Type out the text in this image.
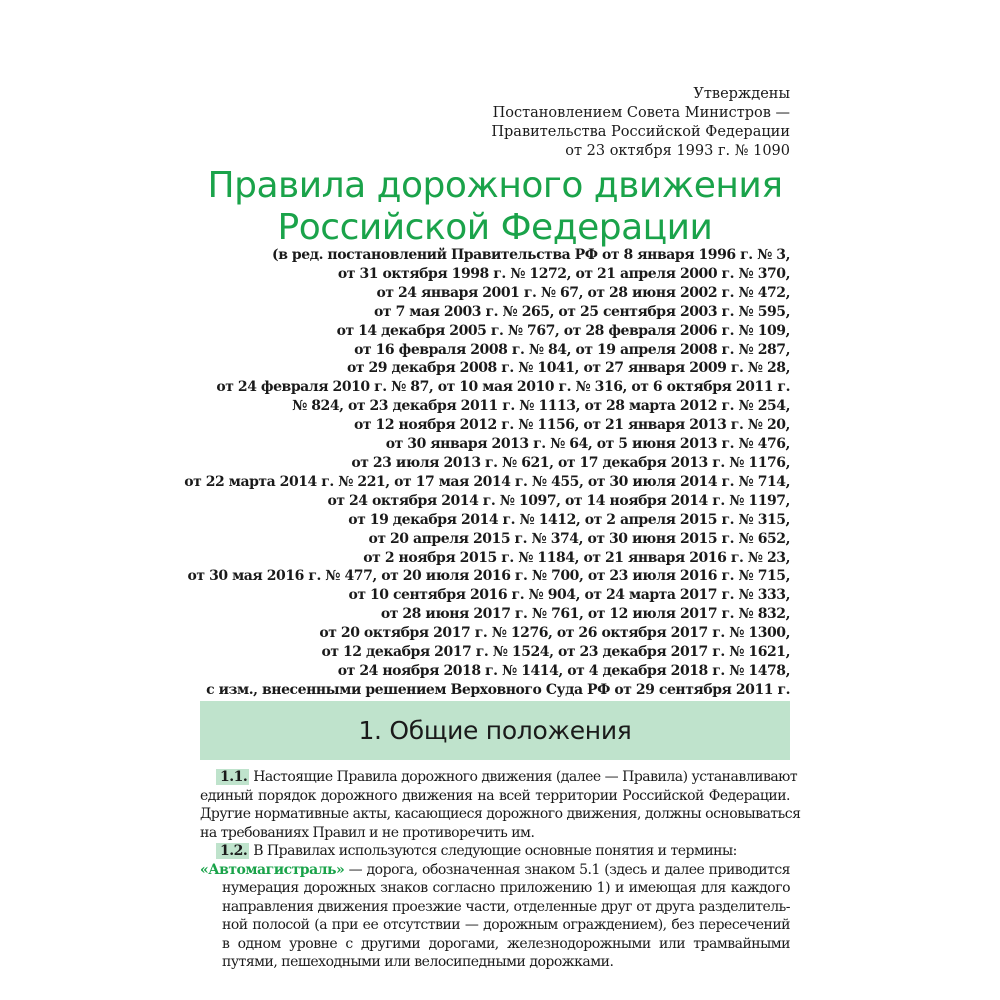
Утверждены
Постановлением Совета Министров —
Правительства Российской Федерации
от 23 октября 1993 г. № 1090
Правила дорожного движения
Российской Федерации
(в ред. постановлений Правительства РФ от 8 января 1996 г. № 3,
от 31 октября 1998 г. № 1272, от 21 апреля 2000 г. № 370,
от 24 января 2001 г. № 67, от 28 июня 2002 г. № 472,
от 7 мая 2003 г. № 265, от 25 сентября 2003 г. № 595,
от 14 декабря 2005 г. № 767, от 28 февраля 2006 г. № 109,
от 16 февраля 2008 г. № 84, от 19 апреля 2008 г. № 287,
от 29 декабря 2008 г. № 1041, от 27 января 2009 г. № 28,
от 24 февраля 2010 г. № 87, от 10 мая 2010 г. № 316, от 6 октября 2011 г.
№ 824, от 23 декабря 2011 г. № 1113, от 28 марта 2012 г. № 254,
от 12 ноября 2012 г. № 1156, от 21 января 2013 г. № 20,
от 30 января 2013 г. № 64, от 5 июня 2013 г. № 476,
от 23 июля 2013 г. № 621, от 17 декабря 2013 г. № 1176,
от 22 марта 2014 г. № 221, от 17 мая 2014 г. № 455, от 30 июля 2014 г. № 714,
от 24 октября 2014 г. № 1097, от 14 ноября 2014 г. № 1197,
от 19 декабря 2014 г. № 1412, от 2 апреля 2015 г. № 315,
от 20 апреля 2015 г. № 374, от 30 июня 2015 г. № 652,
от 2 ноября 2015 г. № 1184, от 21 января 2016 г. № 23,
от 30 мая 2016 г. № 477, от 20 июля 2016 г. № 700, от 23 июля 2016 г. № 715,
от 10 сентября 2016 г. № 904, от 24 марта 2017 г. № 333,
от 28 июня 2017 г. № 761, от 12 июля 2017 г. № 832,
от 20 октября 2017 г. № 1276, от 26 октября 2017 г. № 1300,
от 12 декабря 2017 г. № 1524, от 23 декабря 2017 г. № 1621,
от 24 ноября 2018 г. № 1414, от 4 декабря 2018 г. № 1478,
с изм., внесенными решением Верховного Суда РФ от 29 сентября 2011 г.
1. Общие положения
1.1. Настоящие Правила дорожного движения (далее — Правила) устанавливают
единый порядок дорожного движения на всей территории Российской Федерации.
Другие нормативные акты, касающиеся дорожного движения, должны основываться
на требованиях Правил и не противоречить им.
1.2. В Правилах используются следующие основные понятия и термины:
«Автомагистраль» — дорога, обозначенная знаком 5.1 (здесь и далее приводится
нумерация дорожных знаков согласно приложению 1) и имеющая для каждого
направления движения проезжие части, отделенные друг от друга разделитель-
ной полосой (а при ее отсутствии — дорожным ограждением), без пересечений
в одном уровне с другими дорогами, железнодорожными или трамвайными
путями, пешеходными или велосипедными дорожками.
